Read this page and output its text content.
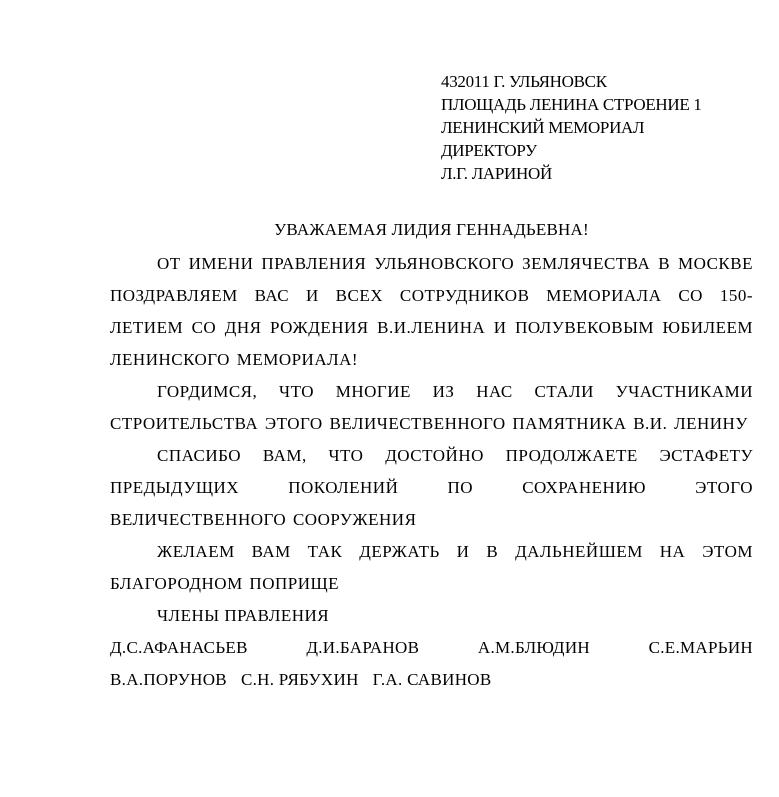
432011 Г. УЛЬЯНОВСК
ПЛОЩАДЬ ЛЕНИНА СТРОЕНИЕ 1
ЛЕНИНСКИЙ МЕМОРИАЛ
ДИРЕКТОРУ
Л.Г. ЛАРИНОЙ
УВАЖАЕМАЯ ЛИДИЯ ГЕННАДЬЕВНА!
ОТ ИМЕНИ ПРАВЛЕНИЯ УЛЬЯНОВСКОГО ЗЕМЛЯЧЕСТВА В МОСКВЕ ПОЗДРАВЛЯЕМ ВАС И ВСЕХ СОТРУДНИКОВ МЕМОРИАЛА СО 150-ЛЕТИЕМ СО ДНЯ РОЖДЕНИЯ В.И.ЛЕНИНА И ПОЛУВЕКОВЫМ ЮБИЛЕЕМ ЛЕНИНСКОГО МЕМОРИАЛА!
ГОРДИМСЯ, ЧТО МНОГИЕ ИЗ НАС СТАЛИ УЧАСТНИКАМИ СТРОИТЕЛЬСТВА ЭТОГО ВЕЛИЧЕСТВЕННОГО ПАМЯТНИКА В.И. ЛЕНИНУ
СПАСИБО ВАМ, ЧТО ДОСТОЙНО ПРОДОЛЖАЕТЕ ЭСТАФЕТУ ПРЕДЫДУЩИХ ПОКОЛЕНИЙ ПО СОХРАНЕНИЮ ЭТОГО ВЕЛИЧЕСТВЕННОГО СООРУЖЕНИЯ
ЖЕЛАЕМ ВАМ ТАК ДЕРЖАТЬ И В ДАЛЬНЕЙШЕМ НА ЭТОМ БЛАГОРОДНОМ ПОПРИЩЕ
ЧЛЕНЫ ПРАВЛЕНИЯ
Д.С.АФАНАСЬЕВ	Д.И.БАРАНОВ	А.М.БЛЮДИН	С.Е.МАРЬИН
В.А.ПОРУНОВ С.Н. РЯБУХИН Г.А. САВИНОВ
